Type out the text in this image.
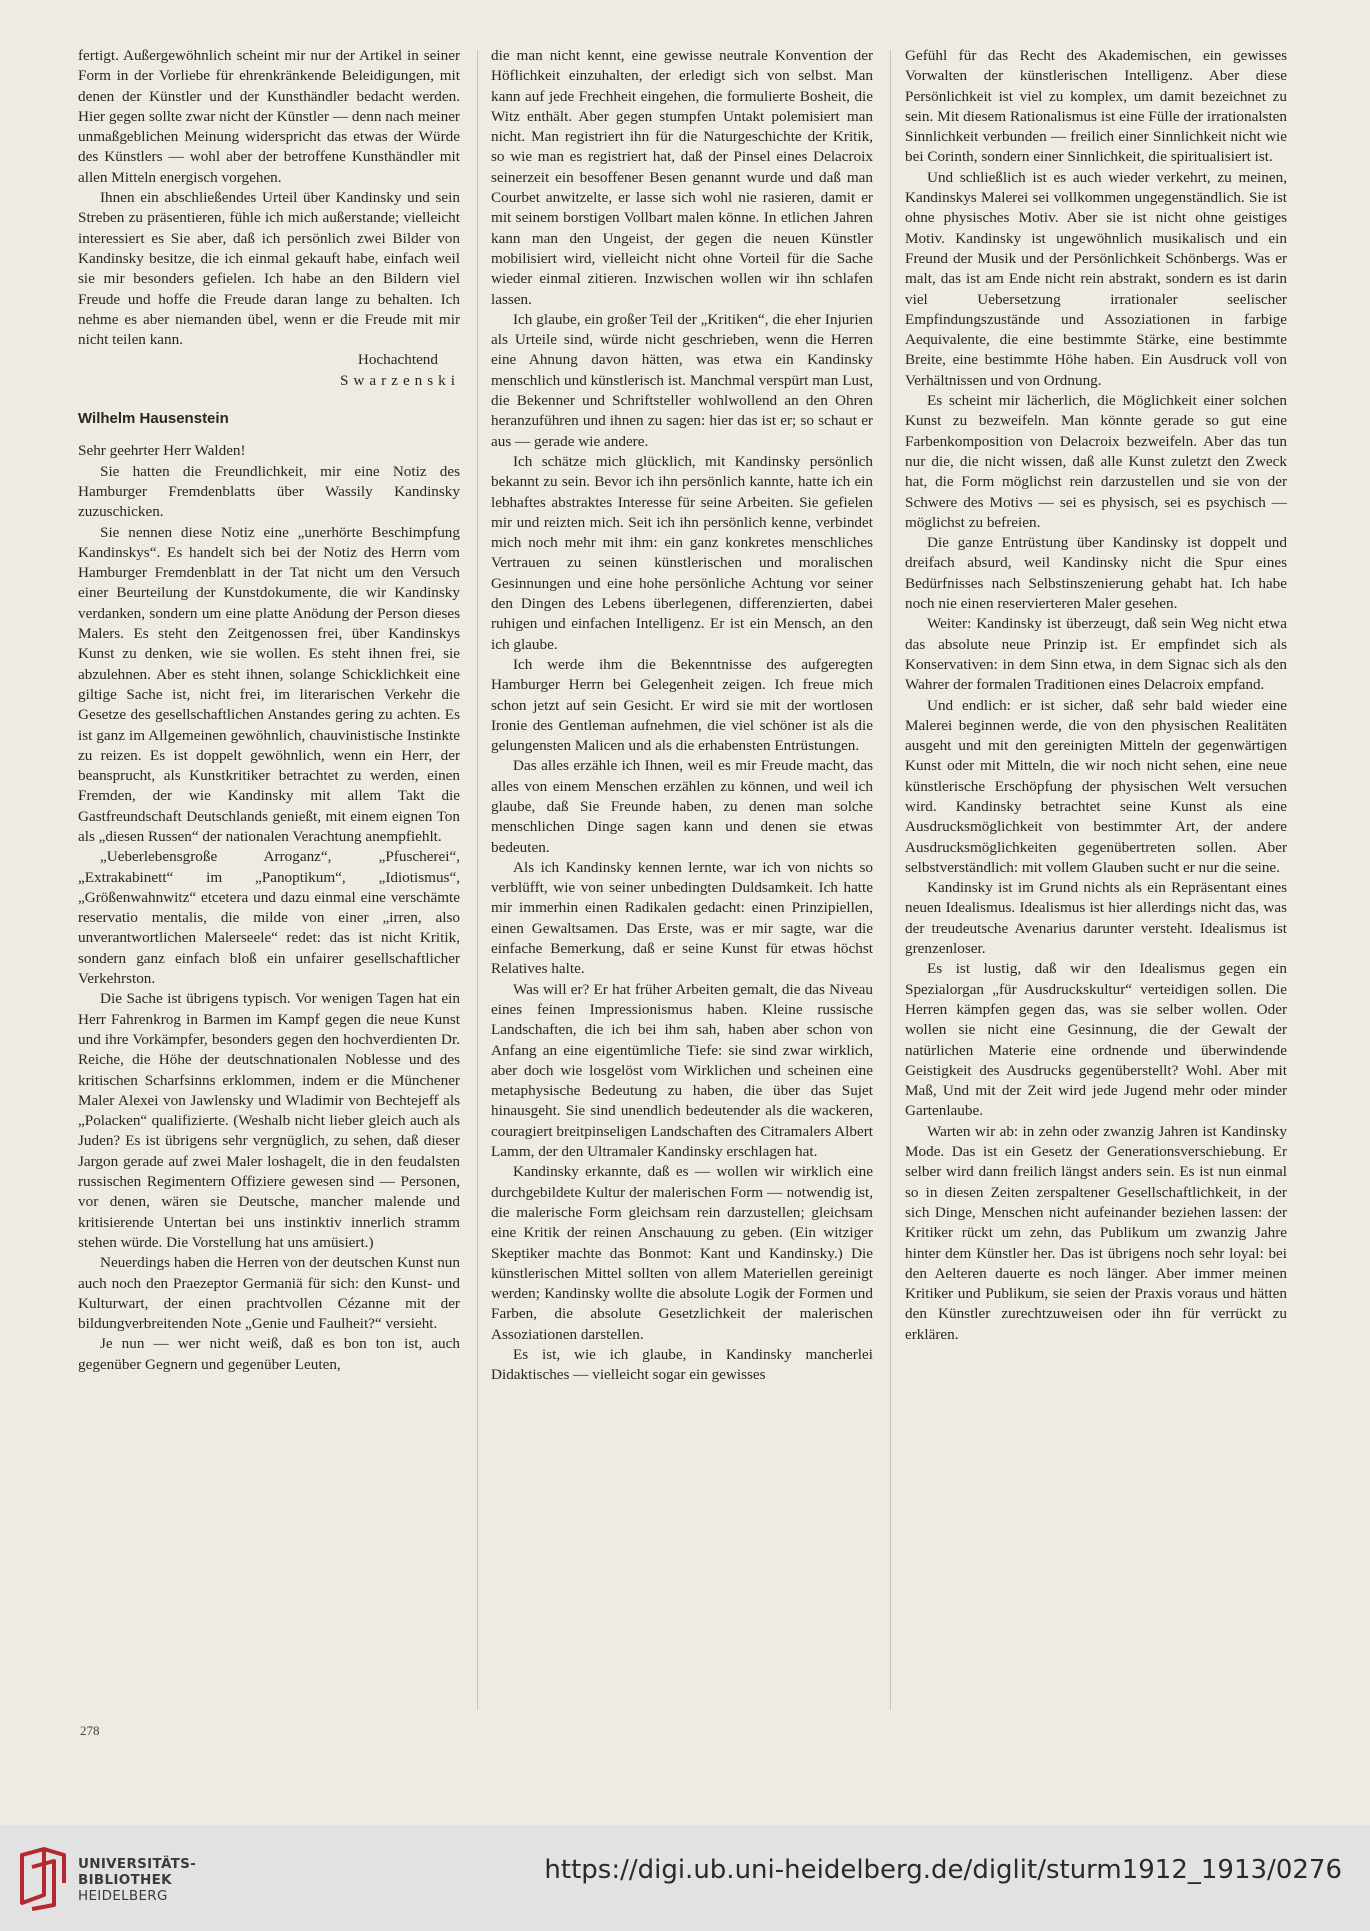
fertigt. Außergewöhnlich scheint mir nur der Artikel in seiner Form in der Vorliebe für ehrenkränkende Beleidigungen, mit denen der Künstler und der Kunsthändler bedacht werden. Hier gegen sollte zwar nicht der Künstler — denn nach meiner unmaßgeblichen Meinung widerspricht das etwas der Würde des Künstlers — wohl aber der betroffene Kunsthändler mit allen Mitteln energisch vorgehen.

Ihnen ein abschließendes Urteil über Kandinsky und sein Streben zu präsentieren, fühle ich mich außerstande; vielleicht interessiert es Sie aber, daß ich persönlich zwei Bilder von Kandinsky besitze, die ich einmal gekauft habe, einfach weil sie mir besonders gefielen. Ich habe an den Bildern viel Freude und hoffe die Freude daran lange zu behalten. Ich nehme es aber niemanden übel, wenn er die Freude mit mir nicht teilen kann.

Hochachtend

Swarzenski

Wilhelm Hausenstein

Sehr geehrter Herr Walden!

Sie hatten die Freundlichkeit, mir eine Notiz des Hamburger Fremdenblatts über Wassily Kandinsky zuzuschicken.

Sie nennen diese Notiz eine „unerhörte Beschimpfung Kandinskys“. Es handelt sich bei der Notiz des Herrn vom Hamburger Fremdenblatt in der Tat nicht um den Versuch einer Beurteilung der Kunstdokumente, die wir Kandinsky verdanken, sondern um eine platte Anödung der Person dieses Malers. Es steht den Zeitgenossen frei, über Kandinskys Kunst zu denken, wie sie wollen. Es steht ihnen frei, sie abzulehnen. Aber es steht ihnen, solange Schicklichkeit eine giltige Sache ist, nicht frei, im literarischen Verkehr die Gesetze des gesellschaftlichen Anstandes gering zu achten. Es ist ganz im Allgemeinen gewöhnlich, chauvinistische Instinkte zu reizen. Es ist doppelt gewöhnlich, wenn ein Herr, der beansprucht, als Kunstkritiker betrachtet zu werden, einen Fremden, der wie Kandinsky mit allem Takt die Gastfreundschaft Deutschlands genießt, mit einem eignen Ton als „diesen Russen“ der nationalen Verachtung anempfiehlt.

„Ueberlebensgroße Arroganz“, „Pfuscherei“, „Extrakabinett“ im „Panoptikum“, „Idiotismus“, „Größenwahnwitz“ etcetera und dazu einmal eine verschämte reservatio mentalis, die milde von einer „irren, also unverantwortlichen Malerseele“ redet: das ist nicht Kritik, sondern ganz einfach bloß ein unfairer gesellschaftlicher Verkehrston.

Die Sache ist übrigens typisch. Vor wenigen Tagen hat ein Herr Fahrenkrog in Barmen im Kampf gegen die neue Kunst und ihre Vorkämpfer, besonders gegen den hochverdienten Dr. Reiche, die Höhe der deutschnationalen Noblesse und des kritischen Scharfsinns erklommen, indem er die Münchener Maler Alexei von Jawlensky und Wladimir von Bechtejeff als „Polacken“ qualifizierte. (Weshalb nicht lieber gleich auch als Juden? Es ist übrigens sehr vergnüglich, zu sehen, daß dieser Jargon gerade auf zwei Maler loshagelt, die in den feudalsten russischen Regimentern Offiziere gewesen sind — Personen, vor denen, wären sie Deutsche, mancher malende und kritisierende Untertan bei uns instinktiv innerlich stramm stehen würde. Die Vorstellung hat uns amüsiert.)

Neuerdings haben die Herren von der deutschen Kunst nun auch noch den Praezeptor Germaniä für sich: den Kunst- und Kulturwart, der einen prachtvollen Cézanne mit der bildungverbreitenden Note „Genie und Faulheit?“ versieht.

Je nun — wer nicht weiß, daß es bon ton ist, auch gegenüber Gegnern und gegenüber Leuten,

die man nicht kennt, eine gewisse neutrale Konvention der Höflichkeit einzuhalten, der erledigt sich von selbst. Man kann auf jede Frechheit eingehen, die formulierte Bosheit, die Witz enthält. Aber gegen stumpfen Untakt polemisiert man nicht. Man registriert ihn für die Naturgeschichte der Kritik, so wie man es registriert hat, daß der Pinsel eines Delacroix seinerzeit ein besoffener Besen genannt wurde und daß man Courbet anwitzelte, er lasse sich wohl nie rasieren, damit er mit seinem borstigen Vollbart malen könne. In etlichen Jahren kann man den Ungeist, der gegen die neuen Künstler mobilisiert wird, vielleicht nicht ohne Vorteil für die Sache wieder einmal zitieren. Inzwischen wollen wir ihn schlafen lassen.

Ich glaube, ein großer Teil der „Kritiken“, die eher Injurien als Urteile sind, würde nicht geschrieben, wenn die Herren eine Ahnung davon hätten, was etwa ein Kandinsky menschlich und künstlerisch ist. Manchmal verspürt man Lust, die Bekenner und Schriftsteller wohlwollend an den Ohren heranzuführen und ihnen zu sagen: hier das ist er; so schaut er aus — gerade wie andere.

Ich schätze mich glücklich, mit Kandinsky persönlich bekannt zu sein. Bevor ich ihn persönlich kannte, hatte ich ein lebhaftes abstraktes Interesse für seine Arbeiten. Sie gefielen mir und reizten mich. Seit ich ihn persönlich kenne, verbindet mich noch mehr mit ihm: ein ganz konkretes menschliches Vertrauen zu seinen künstlerischen und moralischen Gesinnungen und eine hohe persönliche Achtung vor seiner den Dingen des Lebens überlegenen, differenzierten, dabei ruhigen und einfachen Intelligenz. Er ist ein Mensch, an den ich glaube.

Ich werde ihm die Bekenntnisse des aufgeregten Hamburger Herrn bei Gelegenheit zeigen. Ich freue mich schon jetzt auf sein Gesicht. Er wird sie mit der wortlosen Ironie des Gentleman aufnehmen, die viel schöner ist als die gelungensten Malicen und als die erhabensten Entrüstungen.

Das alles erzähle ich Ihnen, weil es mir Freude macht, das alles von einem Menschen erzählen zu können, und weil ich glaube, daß Sie Freunde haben, zu denen man solche menschlichen Dinge sagen kann und denen sie etwas bedeuten.

Als ich Kandinsky kennen lernte, war ich von nichts so verblüfft, wie von seiner unbedingten Duldsamkeit. Ich hatte mir immerhin einen Radikalen gedacht: einen Prinzipiellen, einen Gewaltsamen. Das Erste, was er mir sagte, war die einfache Bemerkung, daß er seine Kunst für etwas höchst Relatives halte.

Was will er? Er hat früher Arbeiten gemalt, die das Niveau eines feinen Impressionismus haben. Kleine russische Landschaften, die ich bei ihm sah, haben aber schon von Anfang an eine eigentümliche Tiefe: sie sind zwar wirklich, aber doch wie losgelöst vom Wirklichen und scheinen eine metaphysische Bedeutung zu haben, die über das Sujet hinausgeht. Sie sind unendlich bedeutender als die wackeren, couragiert breitpinseligen Landschaften des Citramalers Albert Lamm, der den Ultramaler Kandinsky erschlagen hat.

Kandinsky erkannte, daß es — wollen wir wirklich eine durchgebildete Kultur der malerischen Form — notwendig ist, die malerische Form gleichsam rein darzustellen; gleichsam eine Kritik der reinen Anschauung zu geben. (Ein witziger Skeptiker machte das Bonmot: Kant und Kandinsky.) Die künstlerischen Mittel sollten von allem Materiellen gereinigt werden; Kandinsky wollte die absolute Logik der Formen und Farben, die absolute Gesetzlichkeit der malerischen Assoziationen darstellen.

Es ist, wie ich glaube, in Kandinsky mancherlei Didaktisches — vielleicht sogar ein gewisses

Gefühl für das Recht des Akademischen, ein gewisses Vorwalten der künstlerischen Intelligenz. Aber diese Persönlichkeit ist viel zu komplex, um damit bezeichnet zu sein. Mit diesem Rationalismus ist eine Fülle der irrationalsten Sinnlichkeit verbunden — freilich einer Sinnlichkeit nicht wie bei Corinth, sondern einer Sinnlichkeit, die spiritualisiert ist.

Und schließlich ist es auch wieder verkehrt, zu meinen, Kandinskys Malerei sei vollkommen ungegenständlich. Sie ist ohne physisches Motiv. Aber sie ist nicht ohne geistiges Motiv. Kandinsky ist ungewöhnlich musikalisch und ein Freund der Musik und der Persönlichkeit Schönbergs. Was er malt, das ist am Ende nicht rein abstrakt, sondern es ist darin viel Uebersetzung irrationaler seelischer Empfindungszustände und Assoziationen in farbige Aequivalente, die eine bestimmte Stärke, eine bestimmte Breite, eine bestimmte Höhe haben. Ein Ausdruck voll von Verhältnissen und von Ordnung.

Es scheint mir lächerlich, die Möglichkeit einer solchen Kunst zu bezweifeln. Man könnte gerade so gut eine Farbenkomposition von Delacroix bezweifeln. Aber das tun nur die, die nicht wissen, daß alle Kunst zuletzt den Zweck hat, die Form möglichst rein darzustellen und sie von der Schwere des Motivs — sei es physisch, sei es psychisch — möglichst zu befreien.

Die ganze Entrüstung über Kandinsky ist doppelt und dreifach absurd, weil Kandinsky nicht die Spur eines Bedürfnisses nach Selbstinszenierung gehabt hat. Ich habe noch nie einen reservierteren Maler gesehen.

Weiter: Kandinsky ist überzeugt, daß sein Weg nicht etwa das absolute neue Prinzip ist. Er empfindet sich als Konservativen: in dem Sinn etwa, in dem Signac sich als den Wahrer der formalen Traditionen eines Delacroix empfand.

Und endlich: er ist sicher, daß sehr bald wieder eine Malerei beginnen werde, die von den physischen Realitäten ausgeht und mit den gereinigten Mitteln der gegenwärtigen Kunst oder mit Mitteln, die wir noch nicht sehen, eine neue künstlerische Erschöpfung der physischen Welt versuchen wird. Kandinsky betrachtet seine Kunst als eine Ausdrucksmöglichkeit von bestimmter Art, der andere Ausdrucksmöglichkeiten gegenübertreten sollen. Aber selbstverständlich: mit vollem Glauben sucht er nur die seine.

Kandinsky ist im Grund nichts als ein Repräsentant eines neuen Idealismus. Idealismus ist hier allerdings nicht das, was der treudeutsche Avenarius darunter versteht. Idealismus ist grenzenloser.

Es ist lustig, daß wir den Idealismus gegen ein Spezialorgan „für Ausdruckskultur“ verteidigen sollen. Die Herren kämpfen gegen das, was sie selber wollen. Oder wollen sie nicht eine Gesinnung, die der Gewalt der natürlichen Materie eine ordnende und überwindende Geistigkeit des Ausdrucks gegenüberstellt? Wohl. Aber mit Maß, Und mit der Zeit wird jede Jugend mehr oder minder Gartenlaube.

Warten wir ab: in zehn oder zwanzig Jahren ist Kandinsky Mode. Das ist ein Gesetz der Generationsverschiebung. Er selber wird dann freilich längst anders sein. Es ist nun einmal so in diesen Zeiten zerspaltener Gesellschaftlichkeit, in der sich Dinge, Menschen nicht aufeinander beziehen lassen: der Kritiker rückt um zehn, das Publikum um zwanzig Jahre hinter dem Künstler her. Das ist übrigens noch sehr loyal: bei den Aelteren dauerte es noch länger. Aber immer meinen Kritiker und Publikum, sie seien der Praxis voraus und hätten den Künstler zurechtzuweisen oder ihn für verrückt zu erklären.

278
UNIVERSITÄTS-
BIBLIOTHEK
HEIDELBERG
https://digi.ub.uni-heidelberg.de/diglit/sturm1912_1913/0276
